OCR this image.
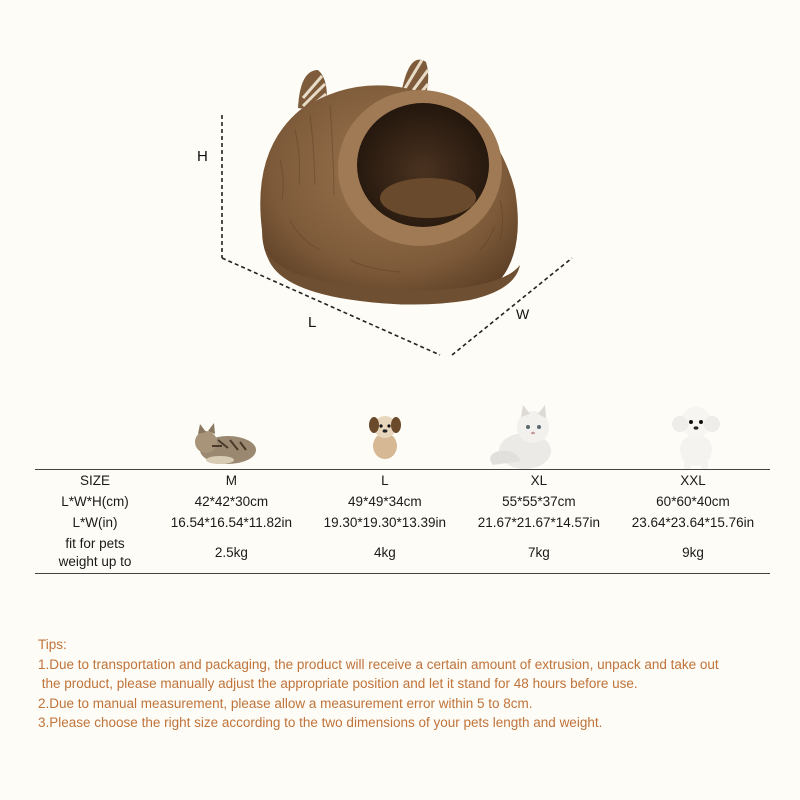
H
L	W
SIZE	M	L	XL	XXL
L*W*H(cm)	42*42*30cm	49*49*34cm	55*55*37cm	60*60*40cm
L*W(in)	16.54*16.54*11.82in	19.30*19.30*13.39in	21.67*21.67*14.57in	23.64*23.64*15.76in
fit for pets
weight up to	2.5kg	4kg	7kg	9kg

Tips:

1.Due to transportation and packaging, the product will receive a certain amount of extrusion, unpack and take out

the product, please manually adjust the appropriate position and let it stand for 48 hours before use.

2.Due to manual measurement, please allow a measurement error within 5 to 8cm.

3.Please choose the right size according to the two dimensions of your pets length and weight.
